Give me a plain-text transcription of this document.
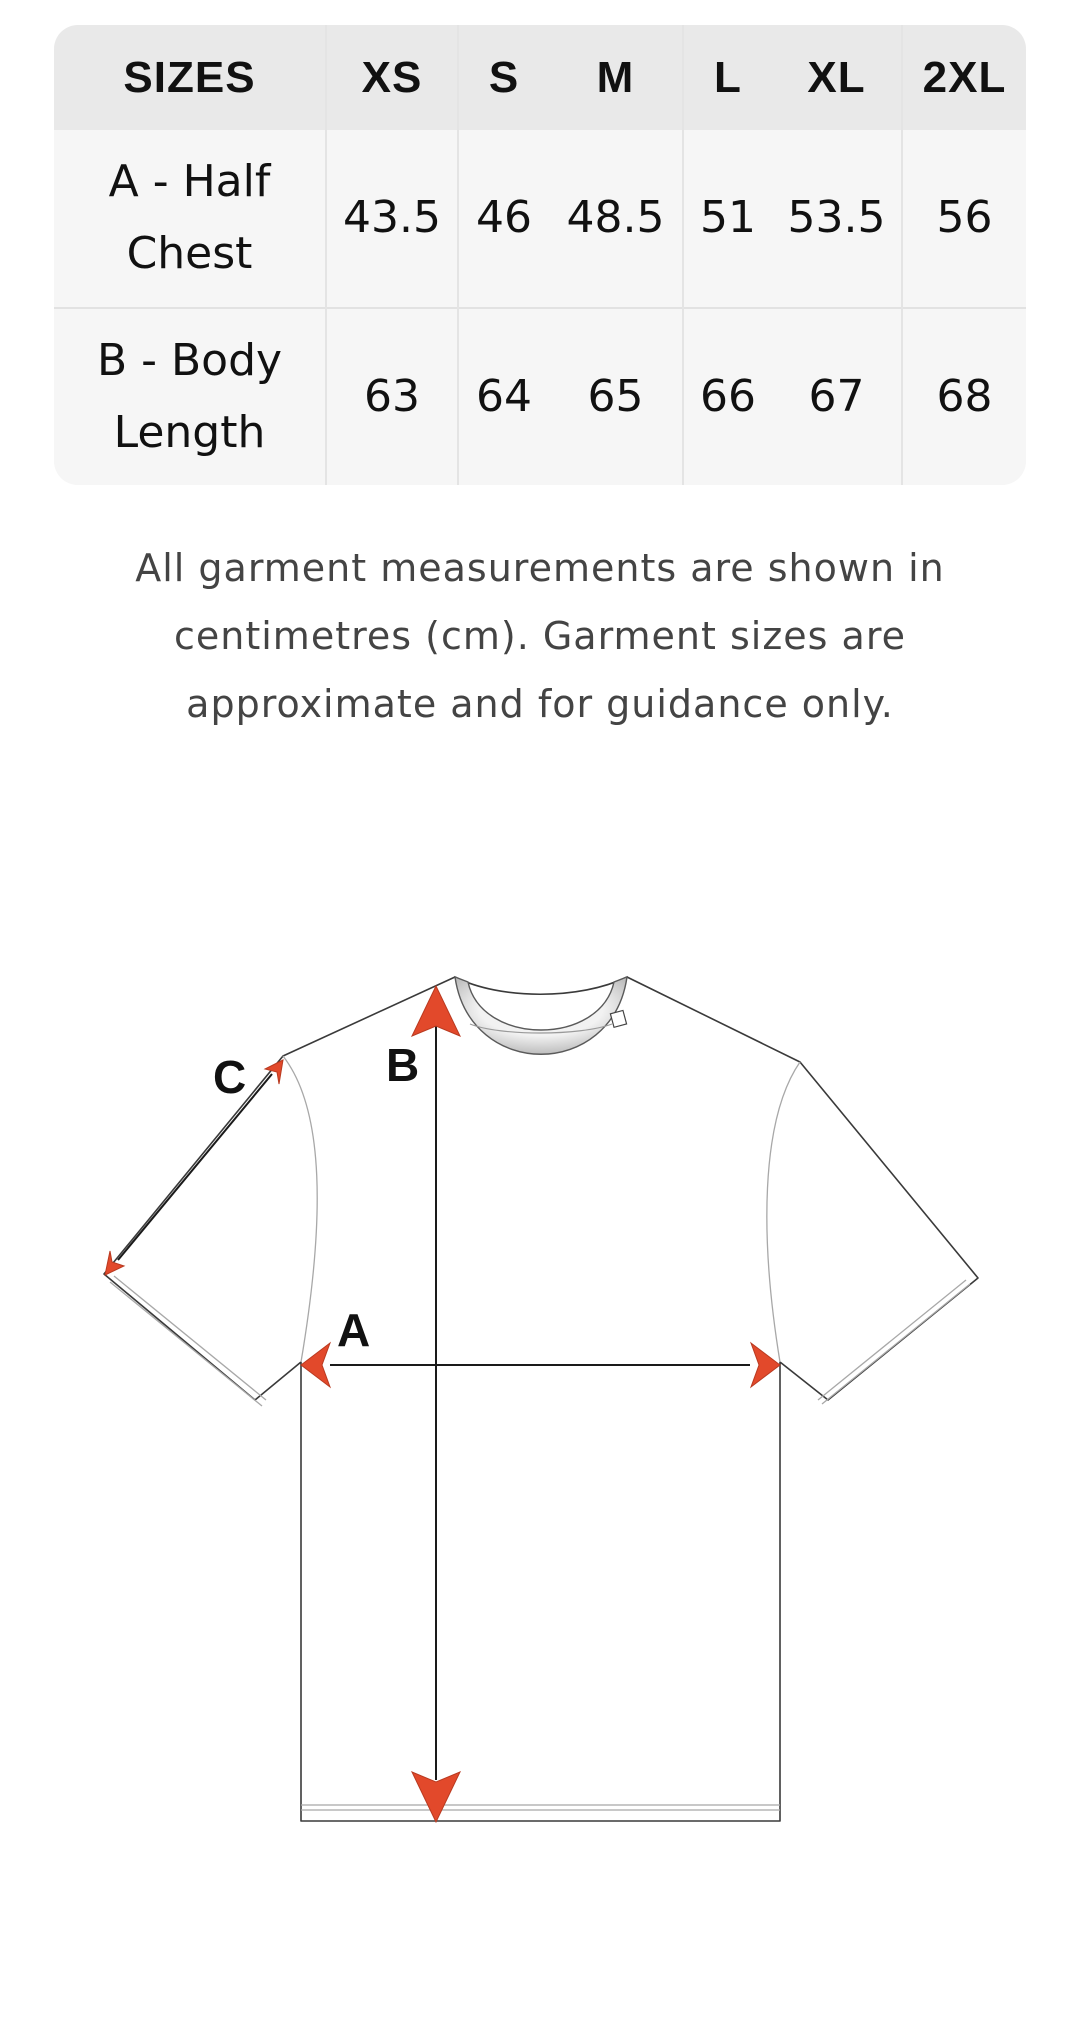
SIZES	XS	S	M	L	XL	2XL
A - Half
Chest	43.5	46	48.5	51	53.5	56
B - Body
Length	63	64	65	66	67	68
All garment measurements are shown in
centimetres (cm). Garment sizes are
approximate and for guidance only.
B
A
C
